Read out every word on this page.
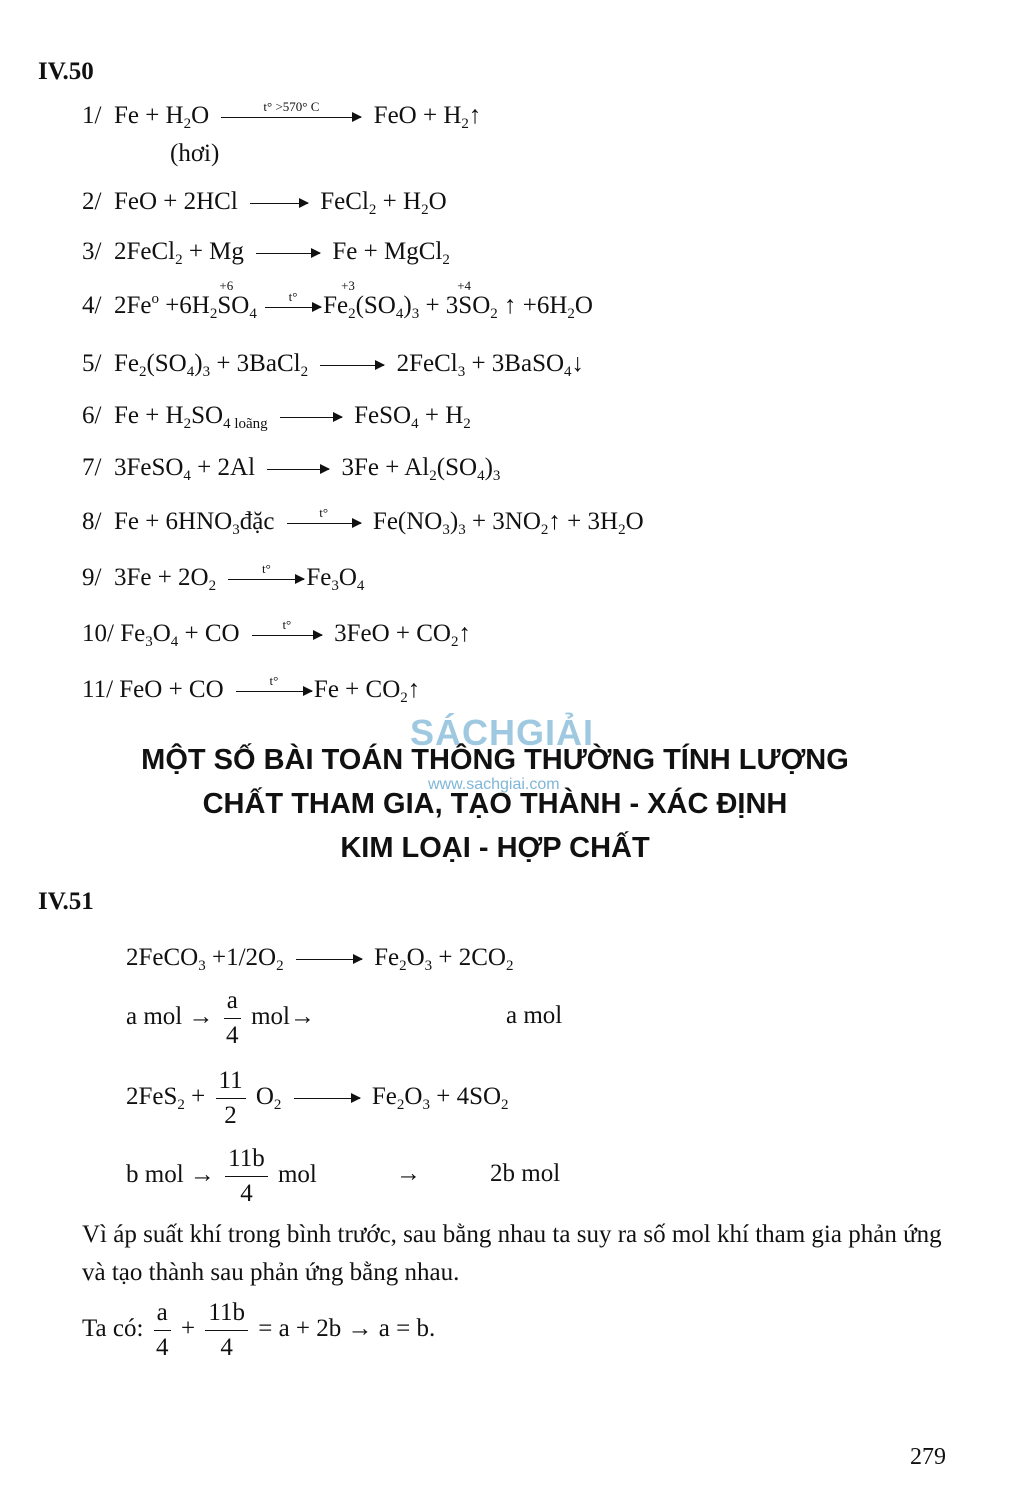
IV.50
1/ $Fe + H_2O$	t° >570° C	FeO + $H_2↑$
(hơi)
2/ FeO + 2HCl → FeCl$_2$ + $H_2O$
3/ 2FeCl$_2$ + Mg → Fe + MgCl$_2$
4/ $2Fe^o +6H_2$
+6
$SO_4$
t°
+3
$Fe_2(SO_4)_3$
+4
+ $3SO_2$ ↑ $+6H_2O$
5/ $Fe_2(SO_4)_3$ + 3BaCl$_2$ → 2FeCl$_3$ + 3BaSO$_4$↓
6/ $Fe + H_2SO_{4 loãng}$ → FeSO$_4$ + $H_2$
7/ 3FeSO$_4$ + $2Al \to 3Fe + Al_2(SO_4)_3$
8/ $Fe + 6HNO_3đặc$	t°	$Fe(NO_3)_3$ + $3NO_2↑ + 3H_2O$
9/ $3Fe + 2O_2$
t°	$Fe_3O_4$
10/ $Fe_3O_4$ + CO	t°	$3FeO + CO_2↑$
11/ FeO + CO	t°	$Fe + CO_2↑$
SÁCHGIẢI
MỘT SỐ BÀI TOÁN THÔNG THƯỜNG TÍNH LƯỢNG
www.sachgiai.com
CHẤT THAM GIA, TẠO THÀNH - XÁC ĐỊNH
KIM LOẠI - HỢP CHẤT
IV.51
2FeCO$_3$ $+1/2O_2 \to Fe_2O_3 + 2CO_2$
a mol → $\frac{a}{4} mol\to$	a mol
$2FeS_2 + \frac{11}{2} O_2 \to Fe_2O_3 + 4SO_2$
b mol → $\frac{11b}{4}$ mol	→	2b mol
Vì áp suất khí trong bình trước, sau bằng nhau ta suy ra số mol khí tham gia phản ứng và tạo thành sau phản ứng bằng nhau.
Ta có: $\frac{a}{4} + \frac{11b}{4} = a + 2b \to a = b$.
279
